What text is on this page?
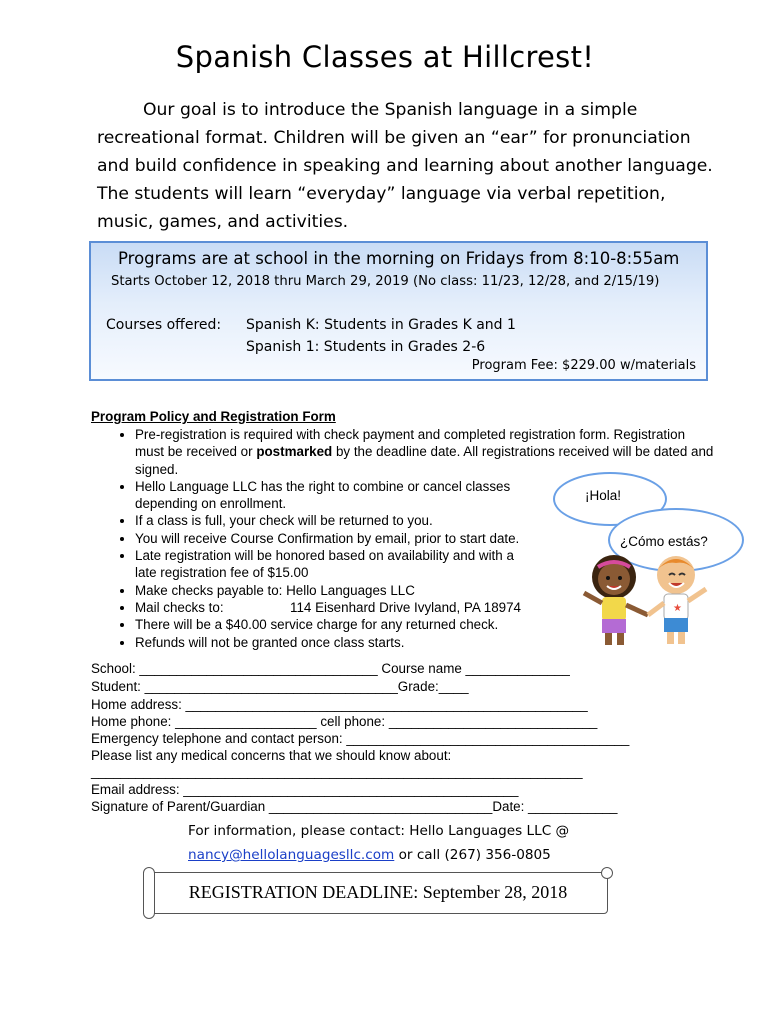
Spanish Classes at Hillcrest!

Our goal is to introduce the Spanish language in a simple recreational format. Children will be given an “ear” for pronunciation and build confidence in speaking and learning about another language. The students will learn “everyday” language via verbal repetition, music, games, and activities.

Programs are at school in the morning on Fridays from 8:10-8:55am
Starts October 12, 2018 thru March 29, 2019 (No class: 11/23, 12/28, and 2/15/19)
Courses offered: Spanish K: Students in Grades K and 1
Spanish 1: Students in Grades 2-6
Program Fee: $229.00 w/materials
Program Policy and Registration Form
• Pre-registration is required with check payment and completed registration form. Registration must be received or postmarked by the deadline date. All registrations received will be dated and signed.
• Hello Language LLC has the right to combine or cancel classes depending on enrollment.
• If a class is full, your check will be returned to you.
• You will receive Course Confirmation by email, prior to start date.
• Late registration will be honored based on availability and with a late registration fee of $15.00
• Make checks payable to: Hello Languages LLC
• Mail checks to:	114 Eisenhard Drive Ivyland, PA 18974
• There will be a $40.00 service charge for any returned check.
• Refunds will not be granted once class starts.
¡Hola!
¿Cómo estás?
★
School: ________________________________ Course name ______________
Student: __________________________________Grade:____
Home address: ______________________________________________________
Home phone: ___________________ cell phone: ____________________________
Emergency telephone and contact person: ______________________________________
Please list any medical concerns that we should know about:
__________________________________________________________________
Email address: _____________________________________________
Signature of Parent/Guardian ______________________________Date: ____________
For information, please contact: Hello Languages LLC @
nancy@hellolanguagesllc.com or call (267) 356-0805
REGISTRATION DEADLINE: September 28, 2018
